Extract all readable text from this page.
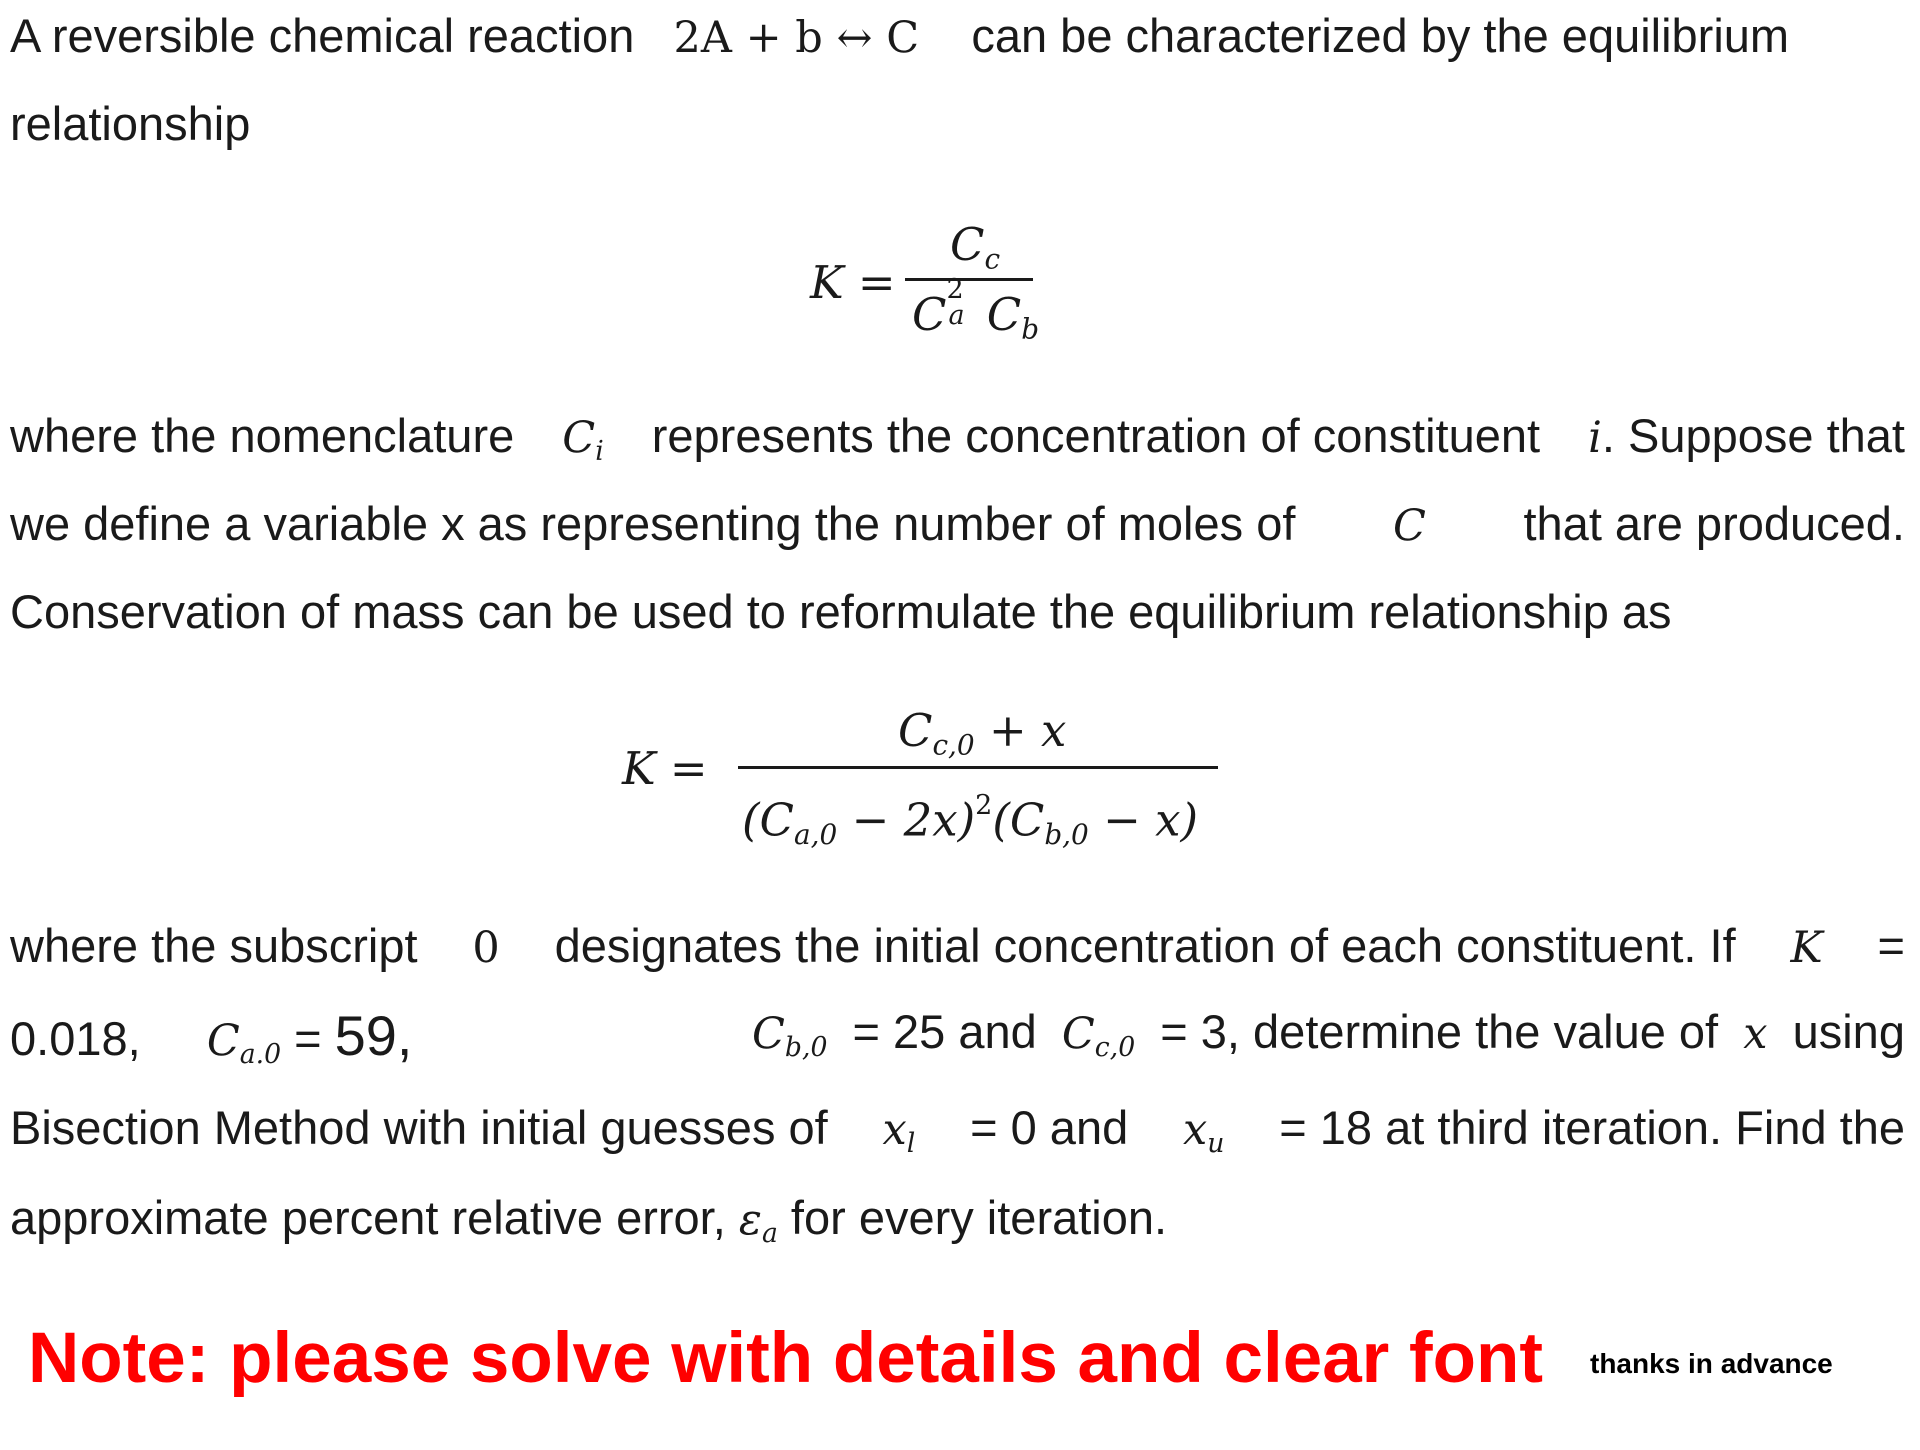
A reversible chemical reaction 2A + b ↔ C can be characterized by the equilibrium
relationship
K =
$C_c$
C 2
a $C_b$
where the nomenclature $C_i$ represents the concentration of constituent i. Suppose that
we define a variable x as representing the number of moles of C that are produced.
Conservation of mass can be used to reformulate the equilibrium relationship as
K =
$C_{c,0} + x$
$(C_{a,0} - 2x)^2(C_{b,0} - x)$
where the subscript 0 designates the initial concentration of each constituent. If K =
0.018, $C_{a.0} = 59$,	$C_{b,0} = 25$ and $C_{c,0} = 3$, determine the value of x using
Bisection Method with initial guesses of $x_l = 0$ and $x_u = 18$ at third iteration. Find the
approximate percent relative error, $\varepsilon_a$ for every iteration.
Note: please solve with details and clear font thanks in advance
